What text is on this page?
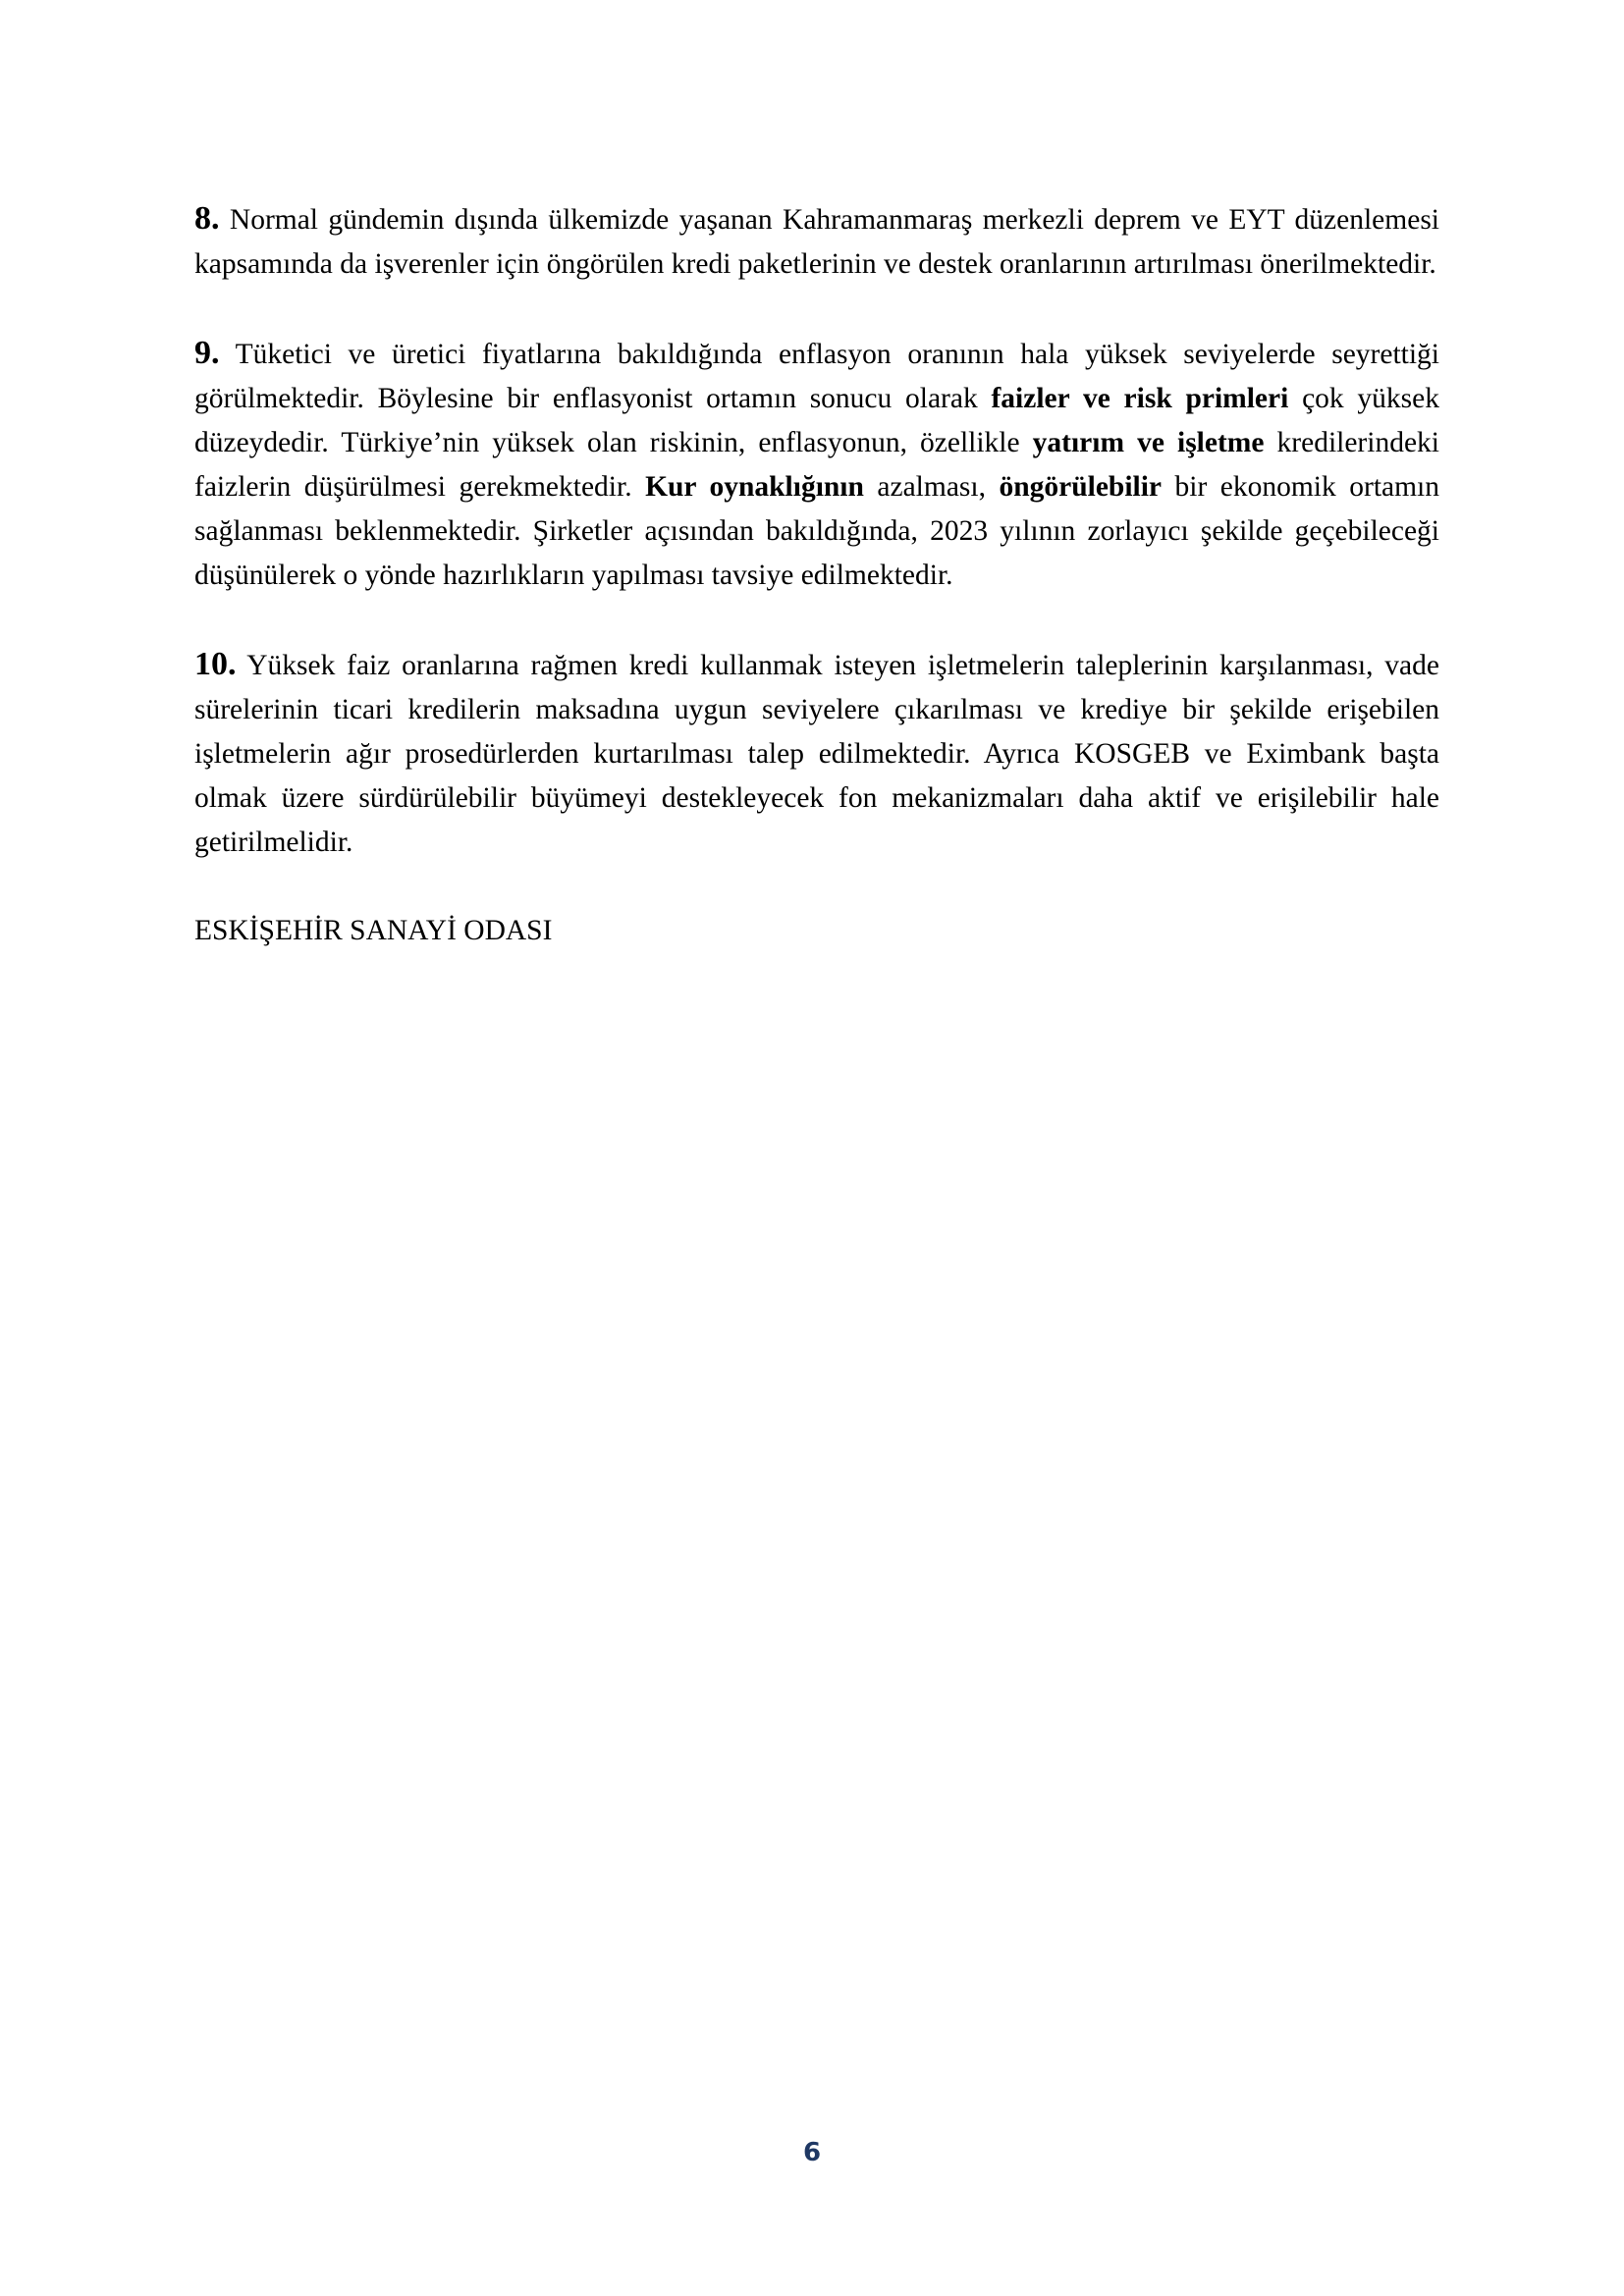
8. Normal gündemin dışında ülkemizde yaşanan Kahramanmaraş merkezli deprem ve EYT düzenlemesi kapsamında da işverenler için öngörülen kredi paketlerinin ve destek oranlarının artırılması önerilmektedir.

9. Tüketici ve üretici fiyatlarına bakıldığında enflasyon oranının hala yüksek seviyelerde seyrettiği görülmektedir. Böylesine bir enflasyonist ortamın sonucu olarak faizler ve risk primleri çok yüksek düzeydedir. Türkiye’nin yüksek olan riskinin, enflasyonun, özellikle yatırım ve işletme kredilerindeki faizlerin düşürülmesi gerekmektedir. Kur oynaklığının azalması, öngörülebilir bir ekonomik ortamın sağlanması beklenmektedir. Şirketler açısından bakıldığında, 2023 yılının zorlayıcı şekilde geçebileceği düşünülerek o yönde hazırlıkların yapılması tavsiye edilmektedir.

10. Yüksek faiz oranlarına rağmen kredi kullanmak isteyen işletmelerin taleplerinin karşılanması, vade sürelerinin ticari kredilerin maksadına uygun seviyelere çıkarılması ve krediye bir şekilde erişebilen işletmelerin ağır prosedürlerden kurtarılması talep edilmektedir. Ayrıca KOSGEB ve Eximbank başta olmak üzere sürdürülebilir büyümeyi destekleyecek fon mekanizmaları daha aktif ve erişilebilir hale getirilmelidir.

ESKİŞEHİR SANAYİ ODASI

6
